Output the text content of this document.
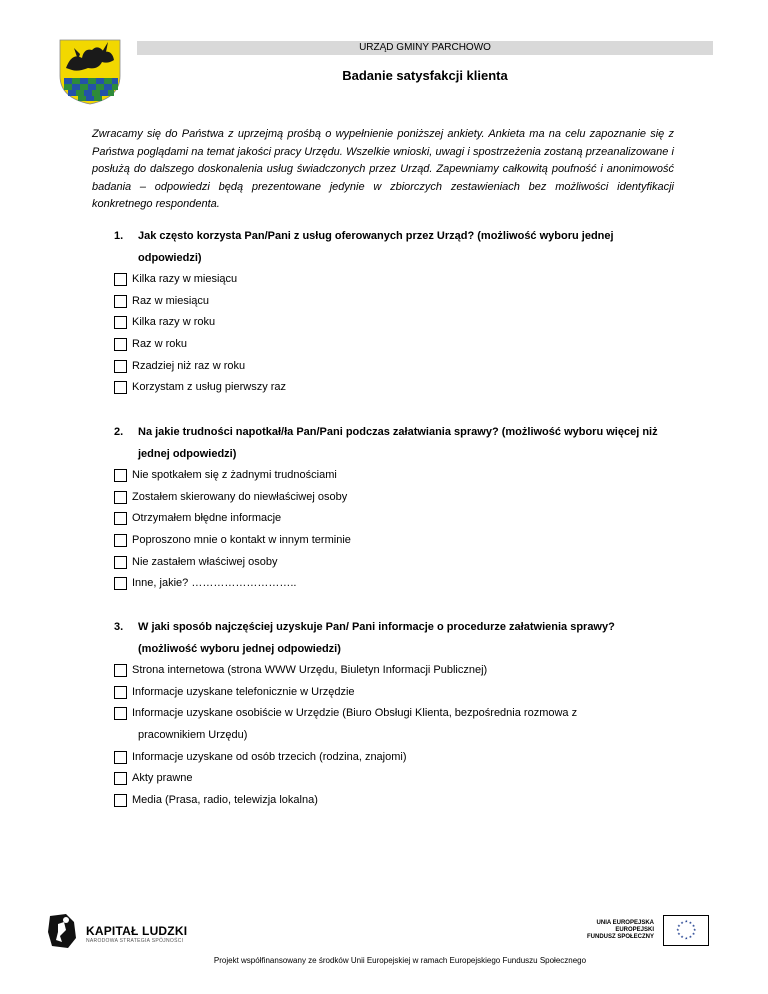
URZĄD GMINY PARCHOWO
Badanie satysfakcji klienta
Zwracamy się do Państwa z uprzejmą prośbą o wypełnienie poniższej ankiety. Ankieta ma na celu zapoznanie się z Państwa poglądami na temat jakości pracy Urzędu. Wszelkie wnioski, uwagi i spostrzeżenia zostaną przeanalizowane i posłużą do dalszego doskonalenia usług świadczonych przez Urząd. Zapewniamy całkowitą poufność i anonimowość badania – odpowiedzi będą prezentowane jedynie w zbiorczych zestawieniach bez możliwości identyfikacji konkretnego respondenta.
1. Jak często korzysta Pan/Pani z usług oferowanych przez Urząd? (możliwość wyboru jednej
odpowiedzi)
Kilka razy w miesiącu
Raz w miesiącu
Kilka razy w roku
Raz w roku
Rzadziej niż raz w roku
Korzystam z usług pierwszy raz
2. Na jakie trudności napotkał/ła Pan/Pani podczas załatwiania sprawy? (możliwość wyboru więcej niż
jednej odpowiedzi)
Nie spotkałem się z żadnymi trudnościami
Zostałem skierowany do niewłaściwej osoby
Otrzymałem błędne informacje
Poproszono mnie o kontakt w innym terminie
Nie zastałem właściwej osoby
Inne, jakie? ………………………..
3. W jaki sposób najczęściej uzyskuje Pan/ Pani informacje o procedurze załatwienia sprawy?
(możliwość wyboru jednej odpowiedzi)
Strona internetowa (strona WWW Urzędu, Biuletyn Informacji Publicznej)
Informacje uzyskane telefonicznie w Urzędzie
Informacje uzyskane osobiście w Urzędzie (Biuro Obsługi Klienta, bezpośrednia rozmowa z
pracownikiem Urzędu)
Informacje uzyskane od osób trzecich (rodzina, znajomi)
Akty prawne
Media (Prasa, radio, telewizja lokalna)
KAPITAŁ LUDZKI
NARODOWA STRATEGIA SPÓJNOŚCI
UNIA EUROPEJSKA
EUROPEJSKI
FUNDUSZ SPOŁECZNY
★ ★
★
★
★
★
★
★
★
★
★
★
Projekt współfinansowany ze środków Unii Europejskiej w ramach Europejskiego Funduszu Społecznego
